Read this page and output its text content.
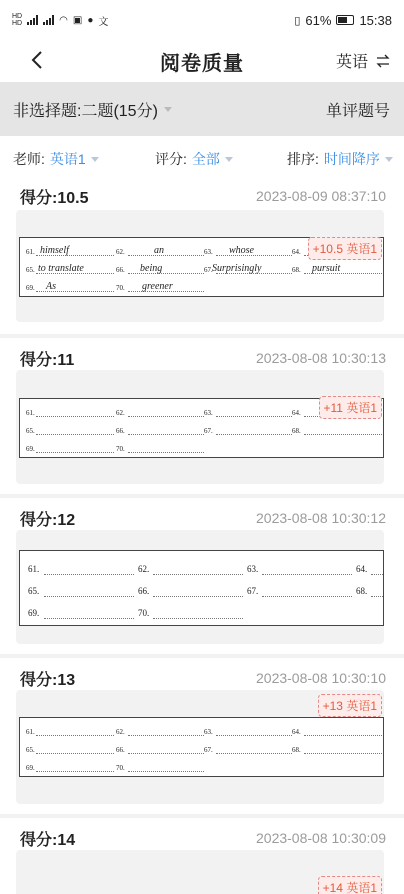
HD
HD	◠ ▣ ● 文	▯ 61% 15:38
阅卷质量	英语
非选择题:二题(15分)	单评题号
老师: 英语1	评分: 全部	排序: 时间降序
得分:10.5	2023-08-09 08:37:10
61. himself	62.	an	63. whose	64.
65. to translate	66. being	67. Surprisingly	68. pursuit
69. As	70. greener
+10.5 英语1
得分:11	2023-08-08 10:30:13
61.	62.	63.	64.
65.	66.	67.	68.
69.	70.
+11 英语1
得分:12	2023-08-08 10:30:12
61.	62.	63.	64.
65.	66.	67.	68.
69.	70.
得分:13	2023-08-08 10:30:10
61.	62.	63.	64.
65.	66.	67.	68.
69.	70.
+13 英语1
得分:14	2023-08-08 10:30:09
+14 英语1
